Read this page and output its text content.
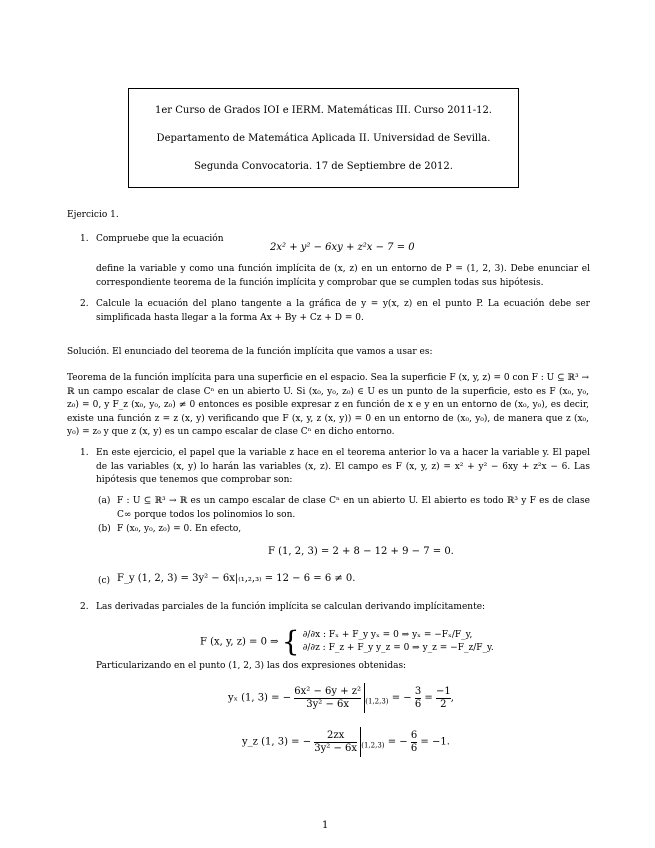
1er Curso de Grados IOI e IERM. Matemáticas III. Curso 2011-12.
Departamento de Matemática Aplicada II. Universidad de Sevilla.
Segunda Convocatoria. 17 de Septiembre de 2012.
Ejercicio 1.
1. Compruebe que la ecuación
2x² + y² − 6xy + z²x − 7 = 0
define la variable y como una función implícita de (x, z) en un entorno de P = (1, 2, 3). Debe enunciar el correspondiente teorema de la función implícita y comprobar que se cumplen todas sus hipótesis.
2. Calcule la ecuación del plano tangente a la gráfica de y = y(x, z) en el punto P. La ecuación debe ser simplificada hasta llegar a la forma Ax + By + Cz + D = 0.
Solución. El enunciado del teorema de la función implícita que vamos a usar es:
Teorema de la función implícita para una superficie en el espacio. Sea la superficie F (x, y, z) = 0 con F : U ⊆ ℝ³ → ℝ un campo escalar de clase Cⁿ en un abierto U. Si (x₀, y₀, z₀) ∈ U es un punto de la superficie, esto es F (x₀, y₀, z₀) = 0, y F_z (x₀, y₀, z₀) ≠ 0 entonces es posible expresar z en función de x e y en un entorno de (x₀, y₀), es decir, existe una función z = z (x, y) verificando que F (x, y, z (x, y)) = 0 en un entorno de (x₀, y₀), de manera que z (x₀, y₀) = z₀ y que z (x, y) es un campo escalar de clase Cⁿ en dicho entorno.
1. En este ejercicio, el papel que la variable z hace en el teorema anterior lo va a hacer la variable y. El papel de las variables (x, y) lo harán las variables (x, z). El campo es F (x, y, z) = x² + y² − 6xy + z²x − 6. Las hipótesis que tenemos que comprobar son:
(a) F : U ⊆ ℝ³ → ℝ es un campo escalar de clase Cⁿ en un abierto U. El abierto es todo ℝ³ y F es de clase C∞ porque todos los polinomios lo son.
(b) F (x₀, y₀, z₀) = 0. En efecto,
F (1, 2, 3) = 2 + 8 − 12 + 9 − 7 = 0.
(c) F_y (1, 2, 3) = 3y² − 6x|₍₁,₂,₃₎ = 12 − 6 = 6 ≠ 0.
2. Las derivadas parciales de la función implícita se calculan derivando implícitamente:
F (x, y, z) = 0 ⇒ { ∂/∂x : Fₓ + F_y yₓ = 0 ⇒ yₓ = −Fₓ/F_y,
∂/∂z : F_z + F_y y_z = 0 ⇒ y_z = −F_z/F_y.
Particularizando en el punto (1, 2, 3) las dos expresiones obtenidas:
yₓ (1, 3) = − $\frac{\text{6x² − 6y + z²}}{\text{3y² − 6x}} _{(1,2,3)}$ = − $\frac{3}{6} = \frac{-1}{2}$ ,
y_z (1, 3) = − $\frac{2zx}{\text{3y² − 6x}} _{(1,2,3)}$ = − $\frac{6}{6} = -1$.
1
